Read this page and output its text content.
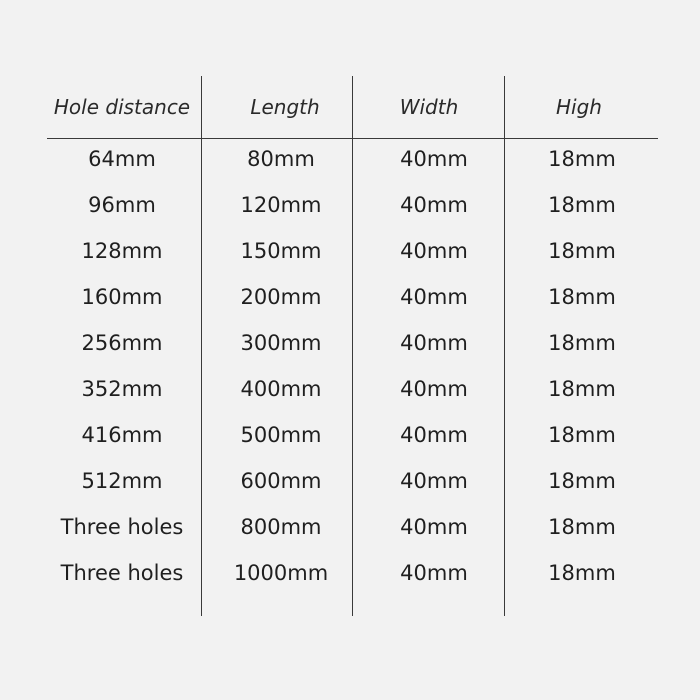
Hole distance	Length	Width	High
64mm	80mm	40mm	18mm
96mm	120mm	40mm	18mm
128mm	150mm	40mm	18mm
160mm	200mm	40mm	18mm
256mm	300mm	40mm	18mm
352mm	400mm	40mm	18mm
416mm	500mm	40mm	18mm
512mm	600mm	40mm	18mm
Three holes	800mm	40mm	18mm
Three holes 1000mm	40mm	18mm
